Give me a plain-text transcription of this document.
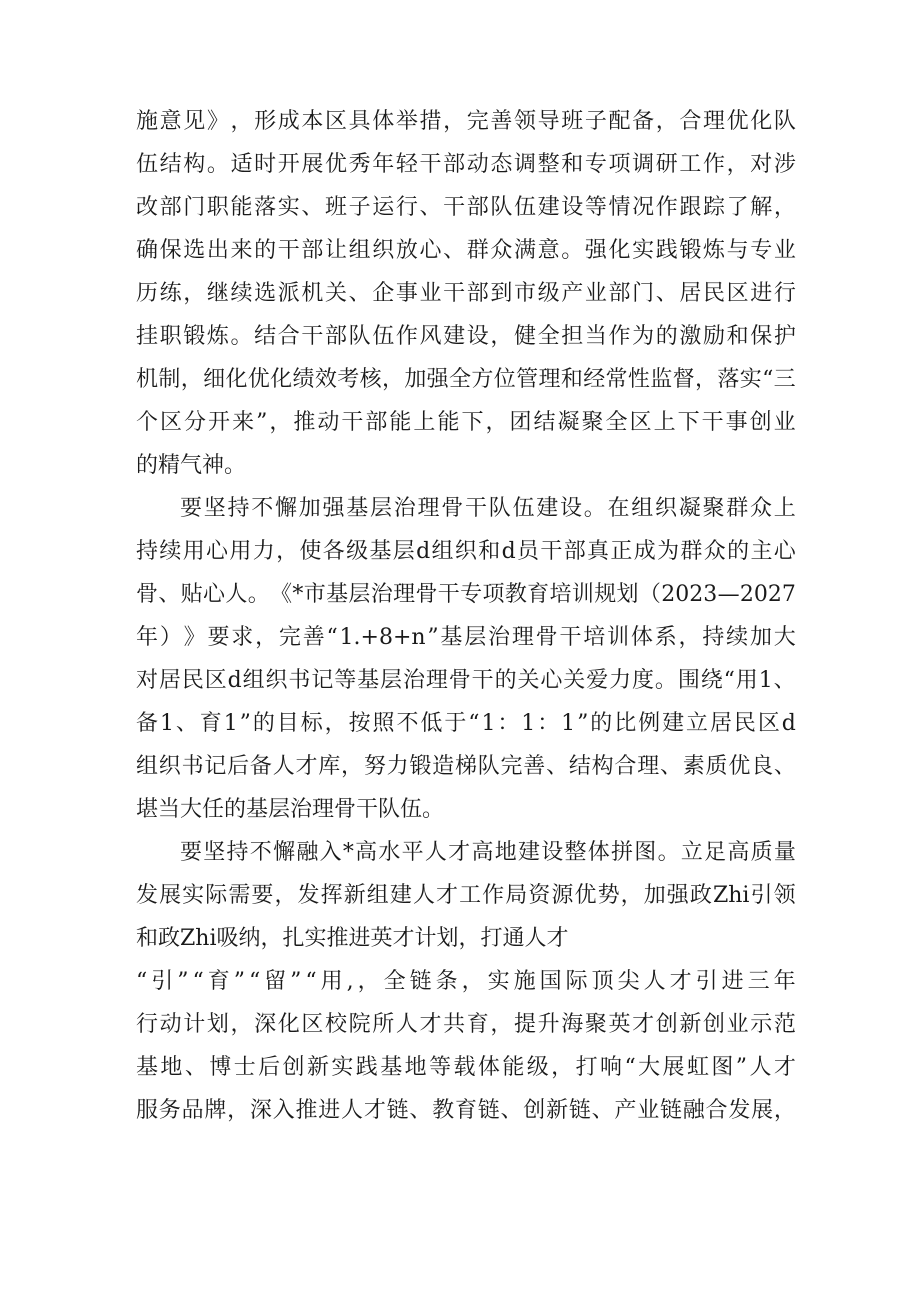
施 意 见 》 ， 形 成 本 区 具 体 举 措 ， 完 善 领 导 班 子 配 备 ， 合 理 优 化 队
伍 结 构 。 适 时 开 展 优 秀 年 轻 干 部 动 态 调 整 和 专 项 调 研 工 作 ， 对 涉
改 部 门 职 能 落 实 、 班 子 运 行 、 干 部 队 伍 建 设 等 情 况 作 跟 踪 了 解 ，
确 保 选 出 来 的 干 部 让 组 织 放 心 、 群 众 满 意 。 强 化 实 践 锻 炼 与 专 业
历 练 ， 继 续 选 派 机 关 、 企 事 业 干 部 到 市 级 产 业 部 门 、 居 民 区 进 行
挂 职 锻 炼 。 结 合 干 部 队 伍 作 风 建 设 ， 健 全 担 当 作 为 的 激 励 和 保 护
机 制 ， 细 化 优 化 绩 效 考 核 ， 加 强 全 方 位 管 理 和 经 常 性 监 督 ， 落 实 “ 三
个 区 分 开 来 ” ， 推 动 干 部 能 上 能 下 ， 团 结 凝 聚 全 区 上 下 干 事 创 业
的精气神。
要 坚 持 不 懈 加 强 基 层 治 理 骨 干 队 伍 建 设 。 在 组 织 凝 聚 群 众 上
持 续 用 心 用 力 ， 使 各 级 基 层 d 组 织 和 d 员 干 部 真 正 成 为 群 众 的 主 心
骨 、 贴 心 人 。 《 * 市 基 层 治 理 骨 干 专 项 教 育 培 训 规 划 （ 2023 — 2027
年 ） 》 要 求 ， 完 善 “ 1.+8+n ” 基 层 治 理 骨 干 培 训 体 系 ， 持 续 加 大
对 居 民 区 d 组 织 书 记 等 基 层 治 理 骨 干 的 关 心 关 爱 力 度 。 围 绕 “ 用 1 、
备 1 、 育 1 ” 的 目 标 ， 按 照 不 低 于 “ 1 ： 1 ： 1 ” 的 比 例 建 立 居 民 区 d
组 织 书 记 后 备 人 才 库 ， 努 力 锻 造 梯 队 完 善 、 结 构 合 理 、 素 质 优 良 、
堪当大任的基层治理骨干队伍。
要 坚 持 不 懈 融 入 * 高 水 平 人 才 高 地 建 设 整 体 拼 图 。 立 足 高 质 量
发 展 实 际 需 要 ， 发 挥 新 组 建 人 才 工 作 局 资 源 优 势 ， 加 强 政 Zhi 引 领
和政Zhi吸纳，扎实推进英才计划，打通人才
“ 引 ” “ 育 ” “ 留 ” “ 用 , ， 全 链 条 ， 实 施 国 际 顶 尖 人 才 引 进 三 年
行 动 计 划 ， 深 化 区 校 院 所 人 才 共 育 ， 提 升 海 聚 英 才 创 新 创 业 示 范
基 地 、 博 士 后 创 新 实 践 基 地 等 载 体 能 级 ， 打 响 “ 大 展 虹 图 ” 人 才
服 务 品 牌 ， 深 入 推 进 人 才 链 、 教 育 链 、 创 新 链 、 产 业 链 融 合 发 展 ，
